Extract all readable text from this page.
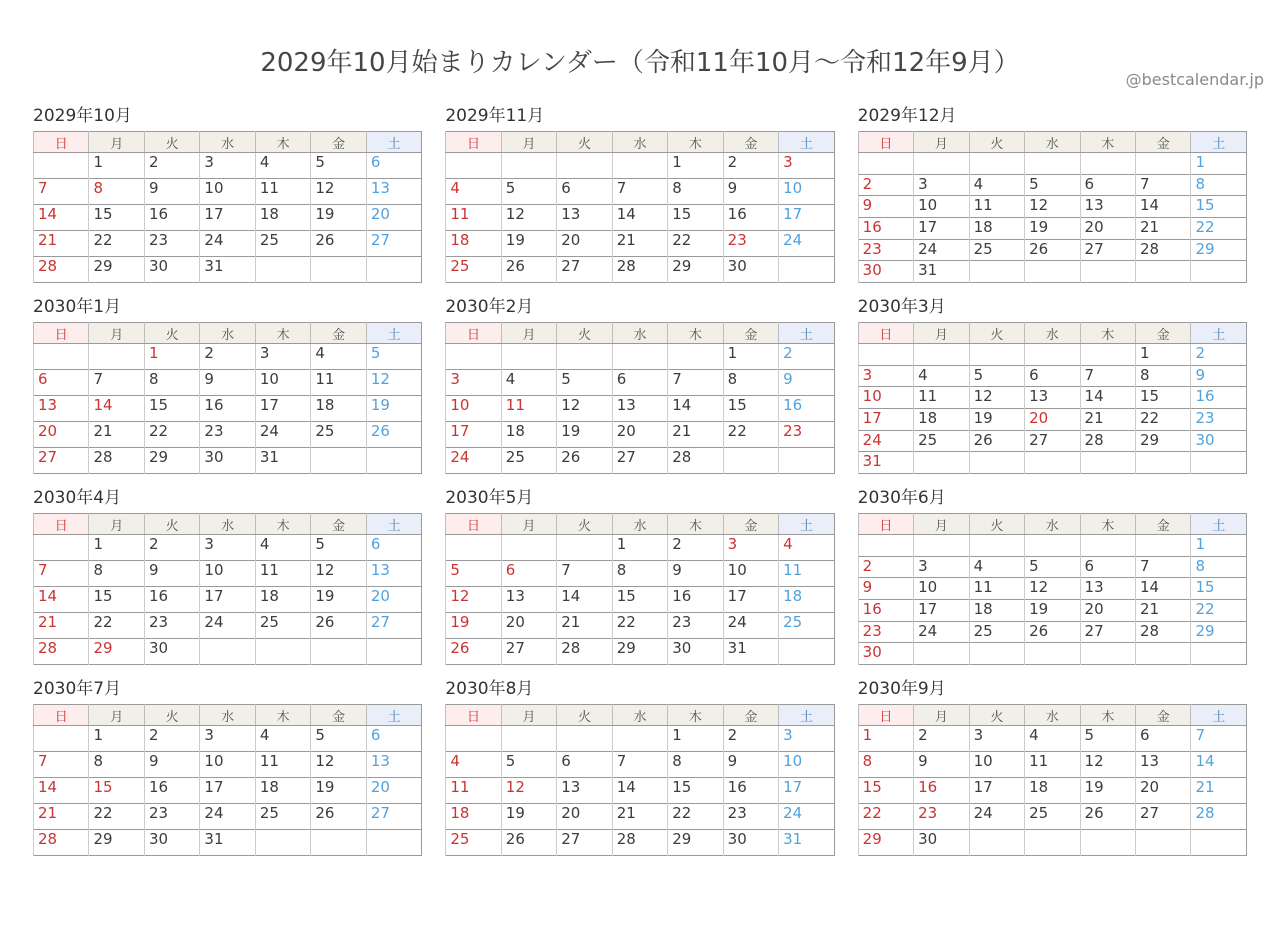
@bestcalendar.jp
2029年10月始まりカレンダー（令和11年10月～令和12年9月）
2029年10月
日	月	火	水	木	金	土
	1	2	3	4	5	6
7	8	9	10	11	12	13
14	15	16	17	18	19	20
21	22	23	24	25	26	27
28	29	30	31			
2029年11月
日	月	火	水	木	金	土
				1	2	3
4	5	6	7	8	9	10
11	12	13	14	15	16	17
18	19	20	21	22	23	24
25	26	27	28	29	30	
2029年12月
日	月	火	水	木	金	土
						1
2	3	4	5	6	7	8
9	10	11	12	13	14	15
16	17	18	19	20	21	22
23	24	25	26	27	28	29
30	31					
2030年1月
日	月	火	水	木	金	土
		1	2	3	4	5
6	7	8	9	10	11	12
13	14	15	16	17	18	19
20	21	22	23	24	25	26
27	28	29	30	31		
2030年2月
日	月	火	水	木	金	土
					1	2
3	4	5	6	7	8	9
10	11	12	13	14	15	16
17	18	19	20	21	22	23
24	25	26	27	28		
2030年3月
日	月	火	水	木	金	土
					1	2
3	4	5	6	7	8	9
10	11	12	13	14	15	16
17	18	19	20	21	22	23
24	25	26	27	28	29	30
31						
2030年4月
日	月	火	水	木	金	土
	1	2	3	4	5	6
7	8	9	10	11	12	13
14	15	16	17	18	19	20
21	22	23	24	25	26	27
28	29	30				
2030年5月
日	月	火	水	木	金	土
			1	2	3	4
5	6	7	8	9	10	11
12	13	14	15	16	17	18
19	20	21	22	23	24	25
26	27	28	29	30	31	
2030年6月
日	月	火	水	木	金	土
						1
2	3	4	5	6	7	8
9	10	11	12	13	14	15
16	17	18	19	20	21	22
23	24	25	26	27	28	29
30						
2030年7月
日	月	火	水	木	金	土
	1	2	3	4	5	6
7	8	9	10	11	12	13
14	15	16	17	18	19	20
21	22	23	24	25	26	27
28	29	30	31			
2030年8月
日	月	火	水	木	金	土
				1	2	3
4	5	6	7	8	9	10
11	12	13	14	15	16	17
18	19	20	21	22	23	24
25	26	27	28	29	30	31
2030年9月
日	月	火	水	木	金	土
1	2	3	4	5	6	7
8	9	10	11	12	13	14
15	16	17	18	19	20	21
22	23	24	25	26	27	28
29	30					
